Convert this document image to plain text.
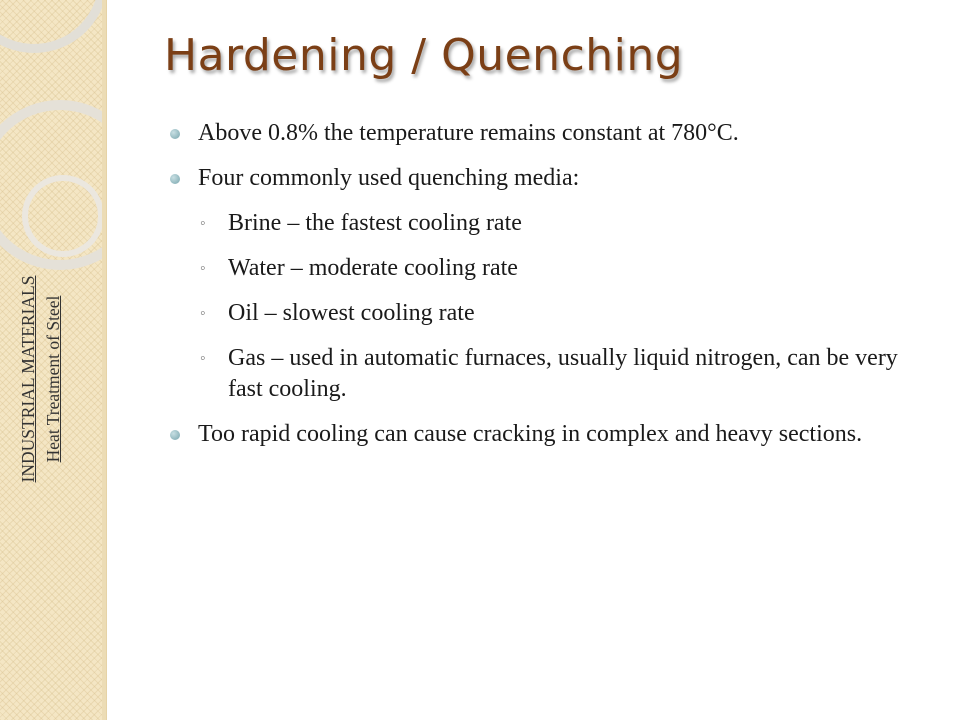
INDUSTRIAL MATERIALS Heat Treatment of Steel
Hardening / Quenching
Above 0.8% the temperature remains constant at 780°C.
Four commonly used quenching media:
◦ Brine – the fastest cooling rate
◦ Water – moderate cooling rate
◦ Oil – slowest cooling rate
◦ Gas – used in automatic furnaces, usually liquid nitrogen, can be very fast cooling.
Too rapid cooling can cause cracking in complex and heavy sections.
